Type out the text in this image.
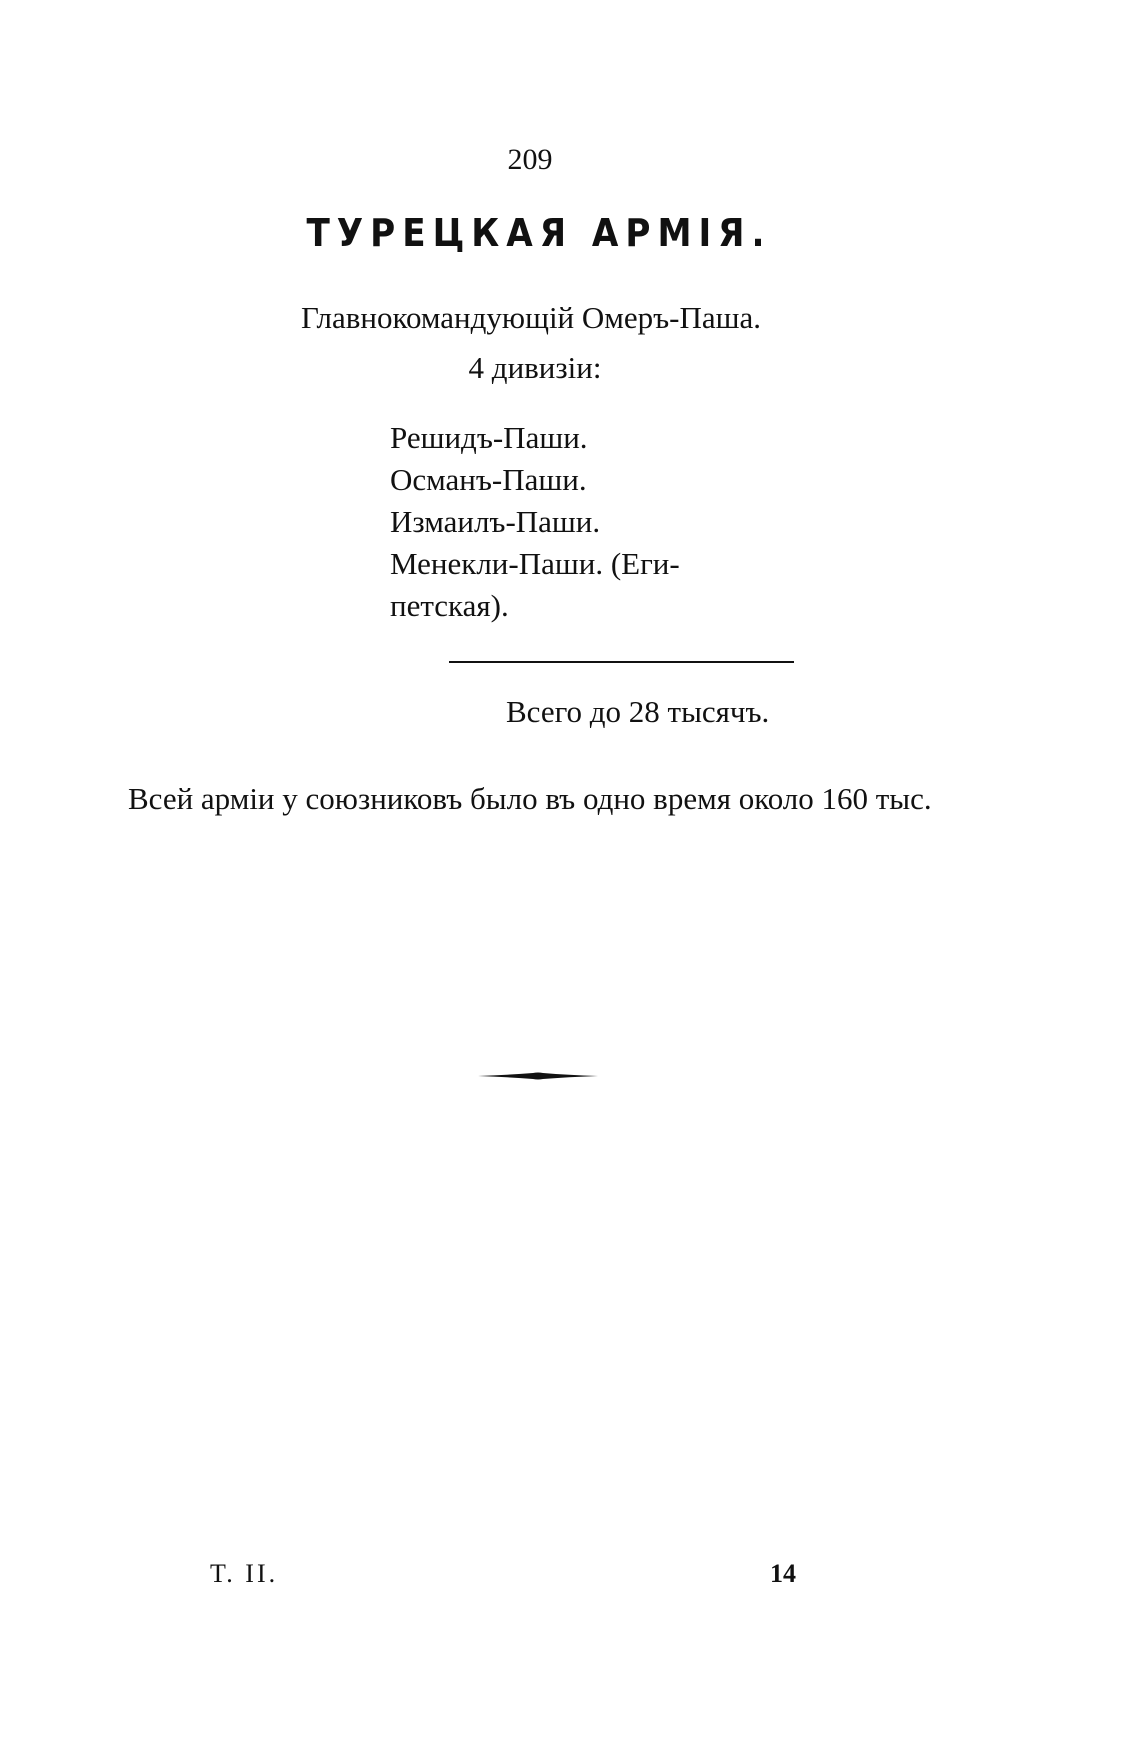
209
ТУРЕЦКАЯ АРМІЯ.
Главнокомандующій Омеръ-Паша.
4 дивизіи:
Решидъ-Паши.
Османъ-Паши.
Измаилъ-Паши.
Менекли-Паши. (Еги-
петская).
Всего до 28 тысячъ.
Всей арміи у союзниковъ было въ одно время около 160 тыс.
Т. II.	14
